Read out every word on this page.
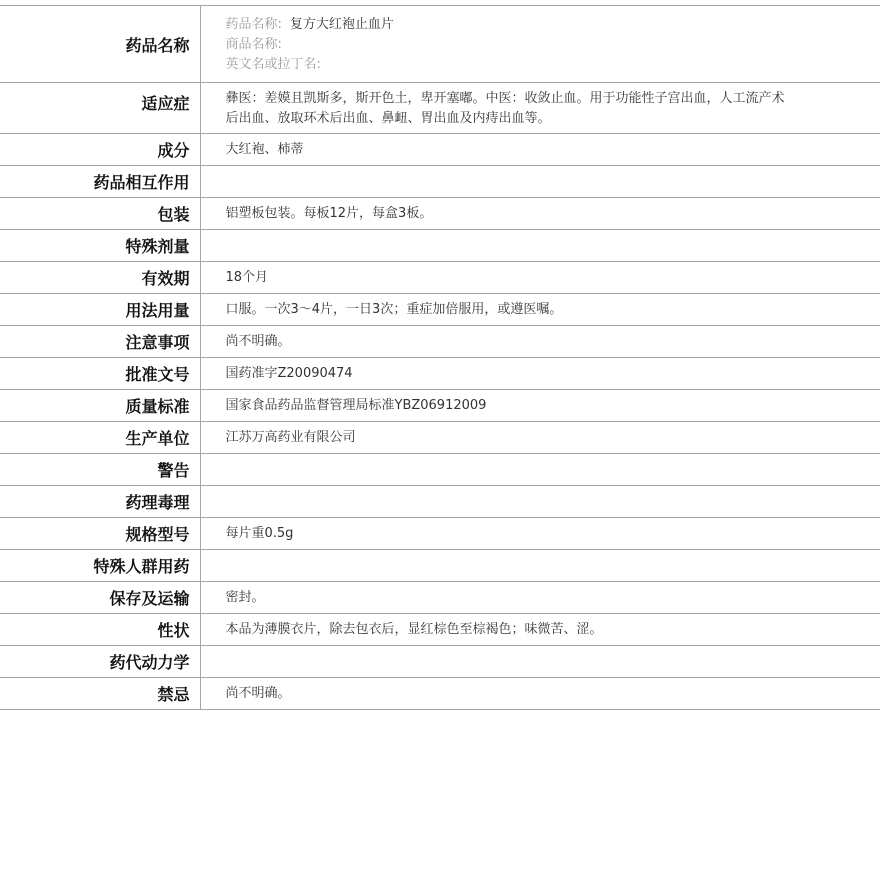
药品名称	药品名称: 复方大红袍止血片
商品名称:
英文名或拉丁名:

适应症	彝医：差嫫且凯斯多，斯开色土，卑开塞嘟。中医：收敛止血。用于功能性子宫出血，人工流产术后出血、放取环术后出血、鼻衄、胃出血及内痔出血等。
成分	大红袍、柿蒂
药品相互作用	
包装	铝塑板包装。每板12片，每盒3板。
特殊剂量	
有效期	18个月
用法用量	口服。一次3～4片，一日3次；重症加倍服用，或遵医嘱。
注意事项	尚不明确。
批准文号	国药准字Z20090474
质量标准	国家食品药品监督管理局标准YBZ06912009
生产单位	江苏万高药业有限公司
警告	
药理毒理	
规格型号	每片重0.5g
特殊人群用药	
保存及运输	密封。
性状	本品为薄膜衣片，除去包衣后，显红棕色至棕褐色；味微苦、涩。
药代动力学	
禁忌	尚不明确。
